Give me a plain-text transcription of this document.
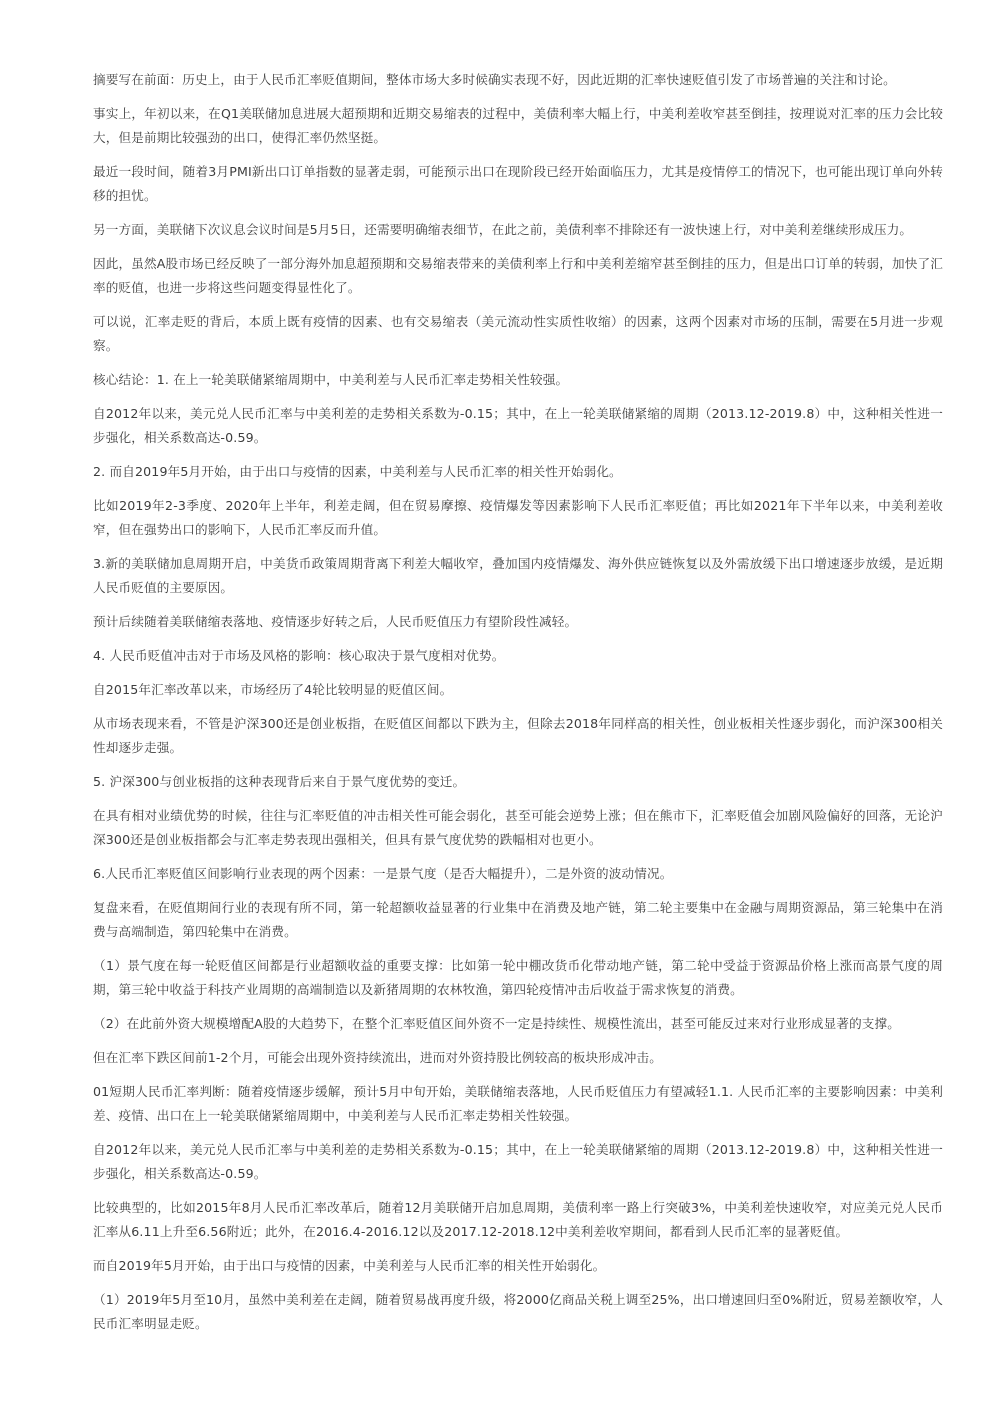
摘要写在前面：历史上，由于人民币汇率贬值期间，整体市场大多时候确实表现不好，因此近期的汇率快速贬值引发了市场普遍的关注和讨论。

事实上，年初以来，在Q1美联储加息进展大超预期和近期交易缩表的过程中，美债利率大幅上行，中美利差收窄甚至倒挂，按理说对汇率的压力会比较大，但是前期比较强劲的出口，使得汇率仍然坚挺。

最近一段时间，随着3月PMI新出口订单指数的显著走弱，可能预示出口在现阶段已经开始面临压力，尤其是疫情停工的情况下，也可能出现订单向外转移的担忧。

另一方面，美联储下次议息会议时间是5月5日，还需要明确缩表细节，在此之前，美债利率不排除还有一波快速上行，对中美利差继续形成压力。

因此，虽然A股市场已经反映了一部分海外加息超预期和交易缩表带来的美债利率上行和中美利差缩窄甚至倒挂的压力，但是出口订单的转弱，加快了汇率的贬值，也进一步将这些问题变得显性化了。

可以说，汇率走贬的背后，本质上既有疫情的因素、也有交易缩表（美元流动性实质性收缩）的因素，这两个因素对市场的压制，需要在5月进一步观察。

核心结论：1. 在上一轮美联储紧缩周期中，中美利差与人民币汇率走势相关性较强。

自2012年以来，美元兑人民币汇率与中美利差的走势相关系数为-0.15；其中，在上一轮美联储紧缩的周期（2013.12-2019.8）中，这种相关性进一步强化，相关系数高达-0.59。

2. 而自2019年5月开始，由于出口与疫情的因素，中美利差与人民币汇率的相关性开始弱化。

比如2019年2-3季度、2020年上半年，利差走阔，但在贸易摩擦、疫情爆发等因素影响下人民币汇率贬值；再比如2021年下半年以来，中美利差收窄，但在强势出口的影响下，人民币汇率反而升值。

3.新的美联储加息周期开启，中美货币政策周期背离下利差大幅收窄，叠加国内疫情爆发、海外供应链恢复以及外需放缓下出口增速逐步放缓，是近期人民币贬值的主要原因。

预计后续随着美联储缩表落地、疫情逐步好转之后，人民币贬值压力有望阶段性减轻。

4. 人民币贬值冲击对于市场及风格的影响：核心取决于景气度相对优势。

自2015年汇率改革以来，市场经历了4轮比较明显的贬值区间。

从市场表现来看，不管是沪深300还是创业板指，在贬值区间都以下跌为主，但除去2018年同样高的相关性，创业板相关性逐步弱化，而沪深300相关性却逐步走强。

5. 沪深300与创业板指的这种表现背后来自于景气度优势的变迁。

在具有相对业绩优势的时候，往往与汇率贬值的冲击相关性可能会弱化，甚至可能会逆势上涨；但在熊市下，汇率贬值会加剧风险偏好的回落，无论沪深300还是创业板指都会与汇率走势表现出强相关，但具有景气度优势的跌幅相对也更小。

6.人民币汇率贬值区间影响行业表现的两个因素：一是景气度（是否大幅提升），二是外资的波动情况。

复盘来看，在贬值期间行业的表现有所不同，第一轮超额收益显著的行业集中在消费及地产链，第二轮主要集中在金融与周期资源品，第三轮集中在消费与高端制造，第四轮集中在消费。

（1）景气度在每一轮贬值区间都是行业超额收益的重要支撑：比如第一轮中棚改货币化带动地产链，第二轮中受益于资源品价格上涨而高景气度的周期，第三轮中收益于科技产业周期的高端制造以及新猪周期的农林牧渔，第四轮疫情冲击后收益于需求恢复的消费。

（2）在此前外资大规模增配A股的大趋势下，在整个汇率贬值区间外资不一定是持续性、规模性流出，甚至可能反过来对行业形成显著的支撑。

但在汇率下跌区间前1-2个月，可能会出现外资持续流出，进而对外资持股比例较高的板块形成冲击。

01短期人民币汇率判断：随着疫情逐步缓解，预计5月中旬开始，美联储缩表落地，人民币贬值压力有望减轻1.1. 人民币汇率的主要影响因素：中美利差、疫情、出口在上一轮美联储紧缩周期中，中美利差与人民币汇率走势相关性较强。

自2012年以来，美元兑人民币汇率与中美利差的走势相关系数为-0.15；其中，在上一轮美联储紧缩的周期（2013.12-2019.8）中，这种相关性进一步强化，相关系数高达-0.59。

比较典型的，比如2015年8月人民币汇率改革后，随着12月美联储开启加息周期，美债利率一路上行突破3%，中美利差快速收窄，对应美元兑人民币汇率从6.11上升至6.56附近；此外，在2016.4-2016.12以及2017.12-2018.12中美利差收窄期间，都看到人民币汇率的显著贬值。

而自2019年5月开始，由于出口与疫情的因素，中美利差与人民币汇率的相关性开始弱化。

（1）2019年5月至10月，虽然中美利差在走阔，随着贸易战再度升级，将2000亿商品关税上调至25%，出口增速回归至0%附近，贸易差额收窄，人民币汇率明显走贬。
